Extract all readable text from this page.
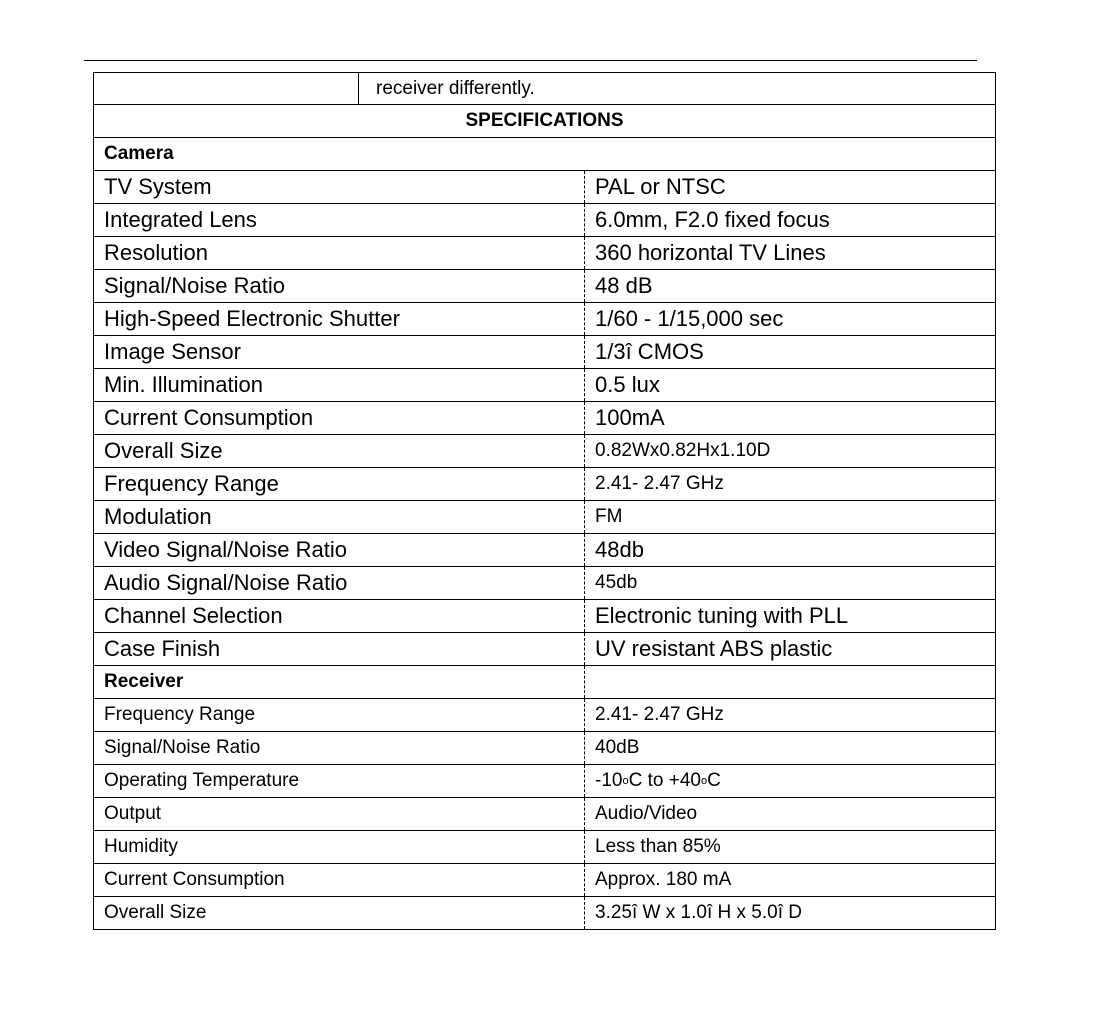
receiver differently.
SPECIFICATIONS
Camera
TV System	PAL or NTSC
Integrated Lens	6.0mm, F2.0 fixed focus
Resolution	360 horizontal TV Lines
Signal/Noise Ratio	48 dB
High-Speed Electronic Shutter	1/60 - 1/15,000 sec
Image Sensor	1/3î CMOS
Min. Illumination	0.5 lux
Current Consumption	100mA
Overall Size	0.82Wx0.82Hx1.10D
Frequency Range	2.41- 2.47 GHz
Modulation	FM
Video Signal/Noise Ratio	48db
Audio Signal/Noise Ratio	45db
Channel Selection	Electronic tuning with PLL
Case Finish	UV resistant ABS plastic
Receiver
Frequency Range	2.41- 2.47 GHz
Signal/Noise Ratio	40dB
Operating Temperature	-10 o C to +40 o C
Output	Audio/Video
Humidity	Less than 85%
Current Consumption	Approx. 180 mA
Overall Size	3.25î W x 1.0î H x 5.0î D
